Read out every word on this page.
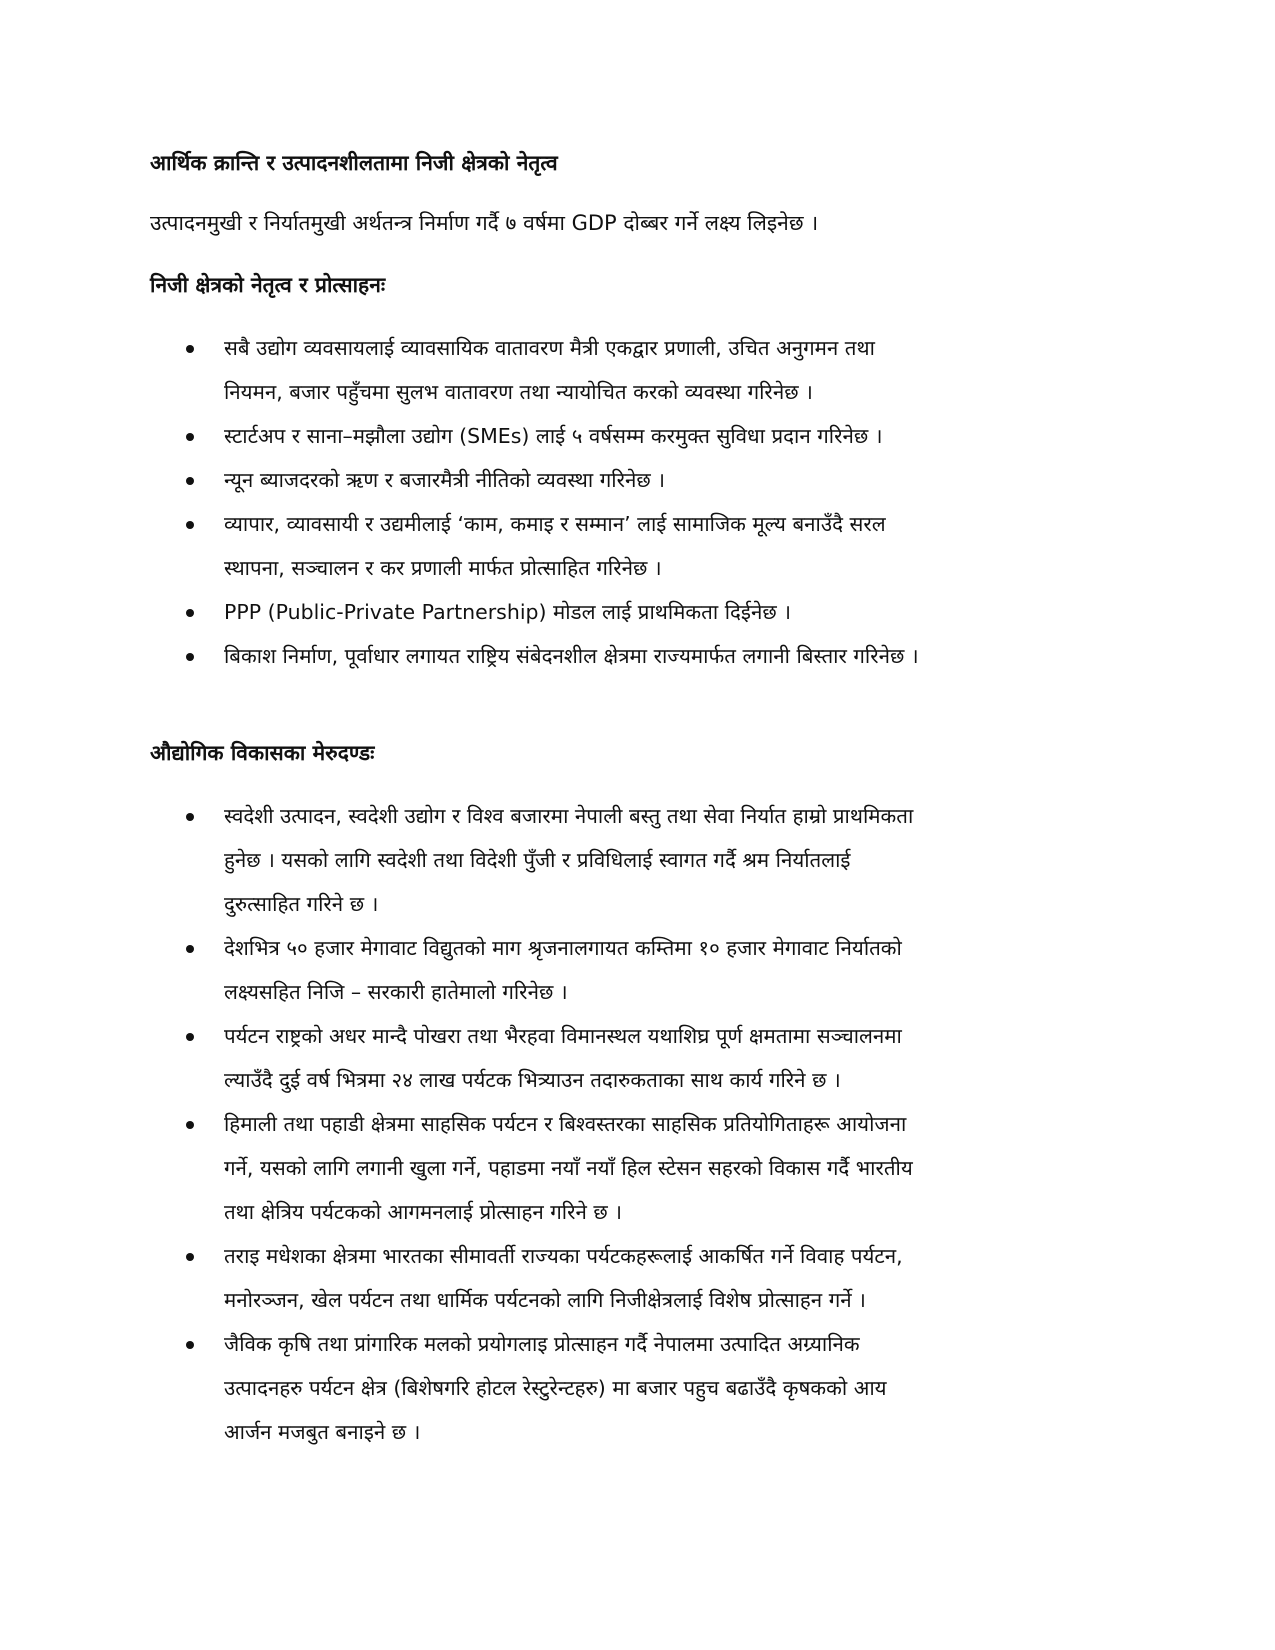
आर्थिक क्रान्ति र उत्पादनशीलतामा निजी क्षेत्रको नेतृत्व
उत्पादनमुखी र निर्यातमुखी अर्थतन्त्र निर्माण गर्दै ७ वर्षमा GDP दोब्बर गर्ने लक्ष्य लिइनेछ ।
निजी क्षेत्रको नेतृत्व र प्रोत्साहनः
सबै उद्योग व्यवसायलाई व्यावसायिक वातावरण मैत्री एकद्वार प्रणाली, उचित अनुगमन तथा
नियमन, बजार पहुँचमा सुलभ वातावरण तथा न्यायोचित करको व्यवस्था गरिनेछ ।
स्टार्टअप र साना–मझौला उद्योग (SMEs) लाई ५ वर्षसम्म करमुक्त सुविधा प्रदान गरिनेछ ।
न्यून ब्याजदरको ऋण र बजारमैत्री नीतिको व्यवस्था गरिनेछ ।
व्यापार, व्यावसायी र उद्यमीलाई ‘काम, कमाइ र सम्मान’ लाई सामाजिक मूल्य बनाउँदै सरल
स्थापना, सञ्चालन र कर प्रणाली मार्फत प्रोत्साहित गरिनेछ ।
PPP (Public-Private Partnership) मोडल लाई प्राथमिकता दिईनेछ ।
बिकाश निर्माण, पूर्वाधार लगायत राष्ट्रिय संबेदनशील क्षेत्रमा राज्यमार्फत लगानी बिस्तार गरिनेछ ।
औद्योगिक विकासका मेरुदण्डः
स्वदेशी उत्पादन, स्वदेशी उद्योग र विश्व बजारमा नेपाली बस्तु तथा सेवा निर्यात हाम्रो प्राथमिकता
हुनेछ । यसको लागि स्वदेशी तथा विदेशी पुँजी र प्रविधिलाई स्वागत गर्दै श्रम निर्यातलाई
दुरुत्साहित गरिने छ ।
देशभित्र ५० हजार मेगावाट विद्युतको माग श्रृजनालगायत कम्तिमा १० हजार मेगावाट निर्यातको
लक्ष्यसहित निजि – सरकारी हातेमालो गरिनेछ ।
पर्यटन राष्ट्रको अधर मान्दै पोखरा तथा भैरहवा विमानस्थल यथाशिघ्र पूर्ण क्षमतामा सञ्चालनमा
ल्याउँदै दुई वर्ष भित्रमा २४ लाख पर्यटक भित्र्याउन तदारुकताका साथ कार्य गरिने छ ।
हिमाली तथा पहाडी क्षेत्रमा साहसिक पर्यटन र बिश्वस्तरका साहसिक प्रतियोगिताहरू आयोजना
गर्ने, यसको लागि लगानी खुला गर्ने, पहाडमा नयाँ नयाँ हिल स्टेसन सहरको विकास गर्दै भारतीय
तथा क्षेत्रिय पर्यटकको आगमनलाई प्रोत्साहन गरिने छ ।
तराइ मधेशका क्षेत्रमा भारतका सीमावर्ती राज्यका पर्यटकहरूलाई आकर्षित गर्ने विवाह पर्यटन,
मनोरञ्जन, खेल पर्यटन तथा धार्मिक पर्यटनको लागि निजीक्षेत्रलाई विशेष प्रोत्साहन गर्ने ।
जैविक कृषि तथा प्रांगारिक मलको प्रयोगलाइ प्रोत्साहन गर्दै नेपालमा उत्पादित अग्र्यानिक
उत्पादनहरु पर्यटन क्षेत्र (बिशेषगरि होटल रेस्टुरेन्टहरु) मा बजार पहुच बढाउँदै कृषकको आय
आर्जन मजबुत बनाइने छ ।
